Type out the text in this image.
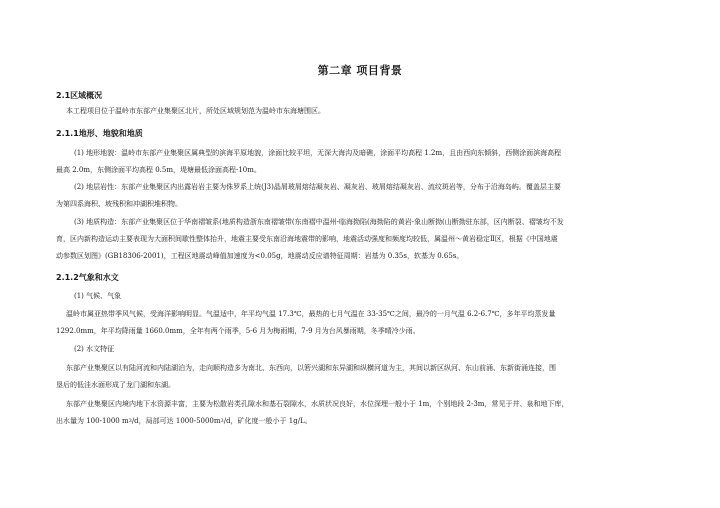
第二章 项目背景
2.1区域概况
本工程项目位于温岭市东部产业集聚区北片，所处区域规划范为温岭市东海塘围区。
2.1.1地形、地貌和地质
(1) 地形地貌：温岭市东部产业集聚区属典型的滨海平原地貌，涂面比较平坦，无深大海沟及暗礁，涂面平均高程 1.2m，且由西向东倾斜，西侧涂面滨海高程
最高 2.0m，东侧涂面平均高程 0.5m，堤塘最低涂面高程-10m。
(2) 地层岩性：东部产业集聚区内出露岩岩主要为侏罗系上统(J3)晶屑玻屑熔结凝灰岩、凝灰岩、玻屑熔结凝灰岩、流纹斑岩等，分布于沿海岛屿。覆盖层主要
为第四系海积、坡残积和冲湖积堆积物。
(3) 地质构造：东部产业集聚区位于华南褶皱系(地质构造浙东南褶皱带(东南褶中温州-临海拗陷(海拗陷的黄岩-象山断拗(山断拗驻东部，区内断裂、褶皱均不发
育，区内新构造运动主要表现为大面积间歇性整体抬升，地震主要受东南沿海地震带的影响，地震活动强度和频度均较低，属温州～黄岩稳定Ⅱ区，根据《中国地震
动参数区划图》(GB18306-2001)，工程区地震动峰值加速度为<0.05g，地震动反应谱特征周期：岩基为 0.35s，软基为 0.65s。
2.1.2气象和水文
(1) 气候、气象
温岭市属亚热带季风气候，受海洋影响明显。气温适中，年平均气温 17.3℃，最热的七月气温在 33-35℃之间，最冷的一月气温 6.2-6.7℃，多年平均蒸发量
1292.0mm，年平均降雨量 1660.0mm，全年有两个雨季，5-6 月为梅雨期，7-9 月为台风暴雨期，冬季晴冷少雨。
(2) 水文特征
东部产业集聚区以有陆河流和内陆湖泊为，走向顺构造多为南北、东西向，以箬兴湖和东异湖和纵横河道为主，其间以新区纵河、东山前涌、东新街涌连接，围
垦后的低洼水面形成了龙门湖和东湖。
东部产业集聚区内境内地下水资源丰富，主要为松散岩类孔隙水和基石裂隙水，水质状况良好，水位深埋一般小于 1m，个别地段 2-3m，常见于井、泉和地下库，
出水量为 100-1000 $m^3/d$，局部可达 $1000-5000m^3/d$，矿化度一般小于 1g/L。
